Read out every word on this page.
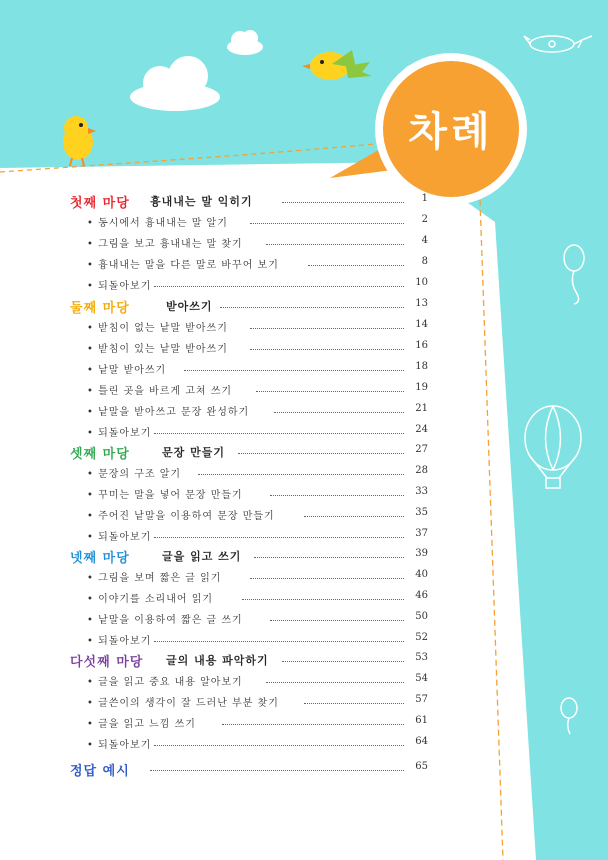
차례
첫째 마당 흉내내는 말 익히기	1
• 동시에서 흉내내는 말 알기	2
• 그림을 보고 흉내내는 말 찾기	4
• 흉내내는 말을 다른 말로 바꾸어 보기	8
• 되돌아보기	10
둘째 마당	받아쓰기	13
• 받침이 없는 낱말 받아쓰기	14
• 받침이 있는 낱말 받아쓰기	16
• 낱말 받아쓰기	18
• 틀린 곳을 바르게 고쳐 쓰기	19
• 낱말을 받아쓰고 문장 완성하기	21
• 되돌아보기	24
셋째 마당	문장 만들기	27
• 문장의 구조 알기	28
• 꾸미는 말을 넣어 문장 만들기	33
• 주어진 낱말을 이용하여 문장 만들기	35
• 되돌아보기	37
넷째 마당	글을 읽고 쓰기	39
• 그림을 보며 짧은 글 읽기	40
• 이야기를 소리내어 읽기	46
• 낱말을 이용하여 짧은 글 쓰기	50
• 되돌아보기	52
다섯째 마당 글의 내용 파악하기	53
• 글을 읽고 중요 내용 알아보기	54
• 글쓴이의 생각이 잘 드러난 부분 찾기	57
• 글을 읽고 느낌 쓰기	61
• 되돌아보기	64
정답 예시	65
